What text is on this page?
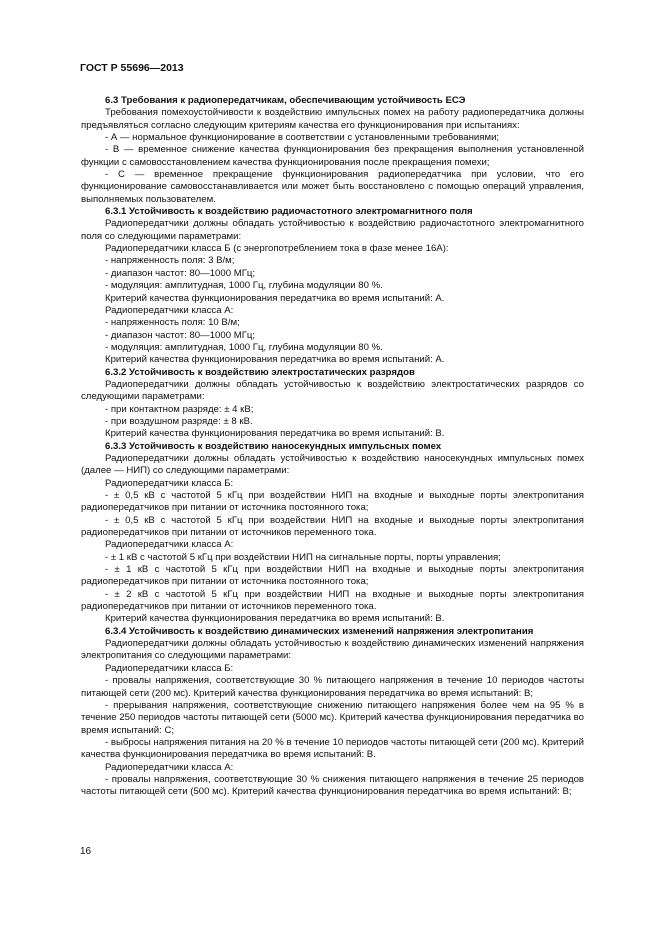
ГОСТ Р 55696—2013

6.3 Требования к радиопередатчикам, обеспечивающим устойчивость ЕСЭ

Требования помехоустойчивости к воздействию импульсных помех на работу радиопередатчика должны предъявляться согласно следующим критериям качества его функционирования при испытаниях:

- А — нормальное функционирование в соответствии с установленными требованиями;

- В — временное снижение качества функционирования без прекращения выполнения установленной функции с самовосстановлением качества функционирования после прекращения помехи;

- С — временное прекращение функционирования радиопередатчика при условии, что его функционирование самовосстанавливается или может быть восстановлено с помощью операций управления, выполняемых пользователем.

6.3.1 Устойчивость к воздействию радиочастотного электромагнитного поля

Радиопередатчики должны обладать устойчивостью к воздействию радиочастотного электромагнитного поля со следующими параметрами:

Радиопередатчики класса Б (с энергопотреблением тока в фазе менее 16А):

- напряженность поля: 3 В/м;

- диапазон частот: 80—1000 МГц;

- модуляция: амплитудная, 1000 Гц, глубина модуляции 80 %.

Критерий качества функционирования передатчика во время испытаний: А.

Радиопередатчики класса А:

- напряженность поля: 10 В/м;

- диапазон частот: 80—1000 МГц;

- модуляция: амплитудная, 1000 Гц, глубина модуляции 80 %.

Критерий качества функционирования передатчика во время испытаний: А.

6.3.2 Устойчивость к воздействию электростатических разрядов

Радиопередатчики должны обладать устойчивостью к воздействию электростатических разрядов со следующими параметрами:

- при контактном разряде: ± 4 кВ;

- при воздушном разряде: ± 8 кВ.

Критерий качества функционирования передатчика во время испытаний: В.

6.3.3 Устойчивость к воздействию наносекундных импульсных помех

Радиопередатчики должны обладать устойчивостью к воздействию наносекундных импульсных помех (далее — НИП) со следующими параметрами:

Радиопередатчики класса Б:

- ± 0,5 кВ с частотой 5 кГц при воздействии НИП на входные и выходные порты электропитания радиопередатчиков при питании от источника постоянного тока;

- ± 0,5 кВ с частотой 5 кГц при воздействии НИП на входные и выходные порты электропитания радиопередатчиков при питании от источников переменного тока.

Радиопередатчики класса А:

- ± 1 кВ с частотой 5 кГц при воздействии НИП на сигнальные порты, порты управления;

- ± 1 кВ с частотой 5 кГц при воздействии НИП на входные и выходные порты электропитания радиопередатчиков при питании от источника постоянного тока;

- ± 2 кВ с частотой 5 кГц при воздействии НИП на входные и выходные порты электропитания радиопередатчиков при питании от источников переменного тока.

Критерий качества функционирования передатчика во время испытаний: В.

6.3.4 Устойчивость к воздействию динамических изменений напряжения электропитания

Радиопередатчики должны обладать устойчивостью к воздействию динамических изменений напряжения электропитания со следующими параметрами:

Радиопередатчики класса Б:

- провалы напряжения, соответствующие 30 % питающего напряжения в течение 10 периодов частоты питающей сети (200 мс). Критерий качества функционирования передатчика во время испытаний: В;

- прерывания напряжения, соответствующие снижению питающего напряжения более чем на 95 % в течение 250 периодов частоты питающей сети (5000 мс). Критерий качества функционирования передатчика во время испытаний: С;

- выбросы напряжения питания на 20 % в течение 10 периодов частоты питающей сети (200 мс). Критерий качества функционирования передатчика во время испытаний: В.

Радиопередатчики класса А:

- провалы напряжения, соответствующие 30 % снижения питающего напряжения в течение 25 периодов частоты питающей сети (500 мс). Критерий качества функционирования передатчика во время испытаний: В;

16
